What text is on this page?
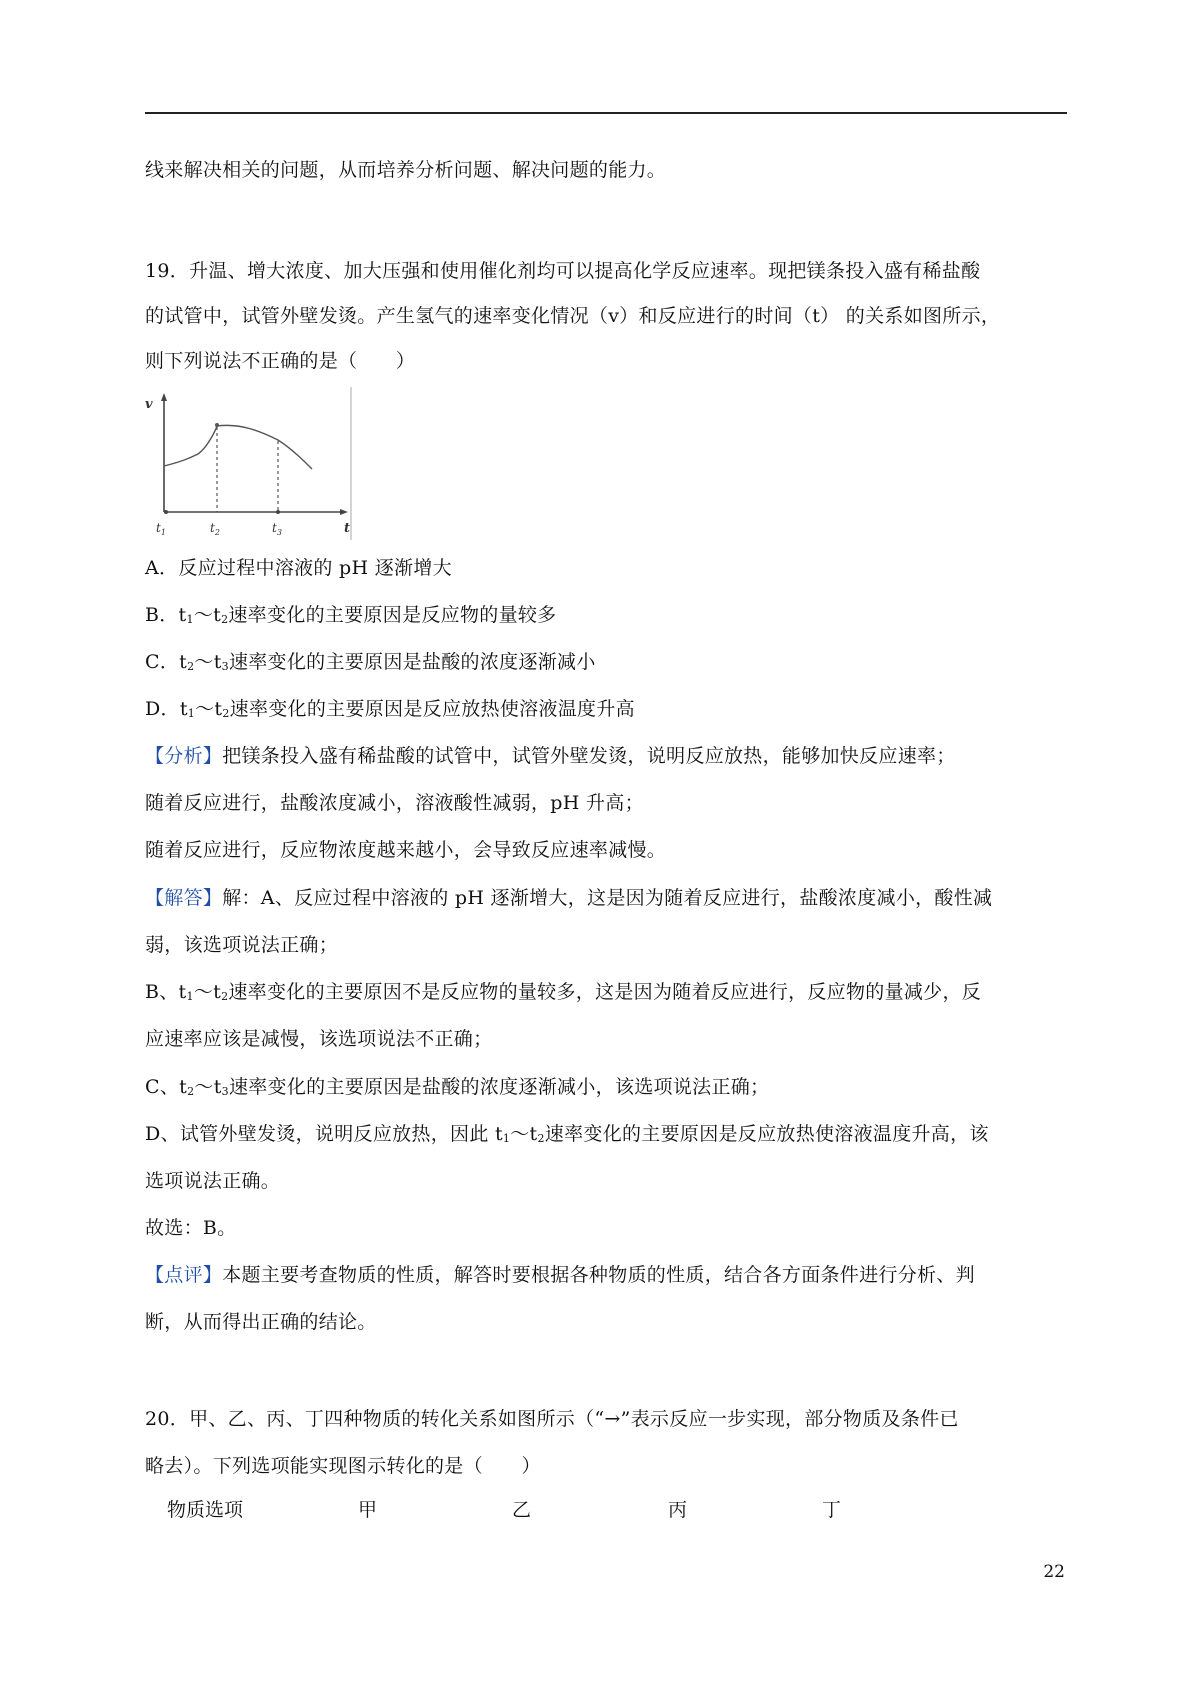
线来解决相关的问题，从而培养分析问题、解决问题的能力。
19．升温、增大浓度、加大压强和使用催化剂均可以提高化学反应速率。现把镁条投入盛有稀盐酸
的试管中，试管外壁发烫。产生氢气的速率变化情况（v）和反应进行的时间（t） 的关系如图所示，
则下列说法不正确的是（　　）
v
t
$t_1$	$t_2$	$t_3$
A．反应过程中溶液的 pH 逐渐增大
B．$t_1\sim t_2$速率变化的主要原因是反应物的量较多
C．$t_2\sim t_3$速率变化的主要原因是盐酸的浓度逐渐减小
D．$t_1\sim t_2$速率变化的主要原因是反应放热使溶液温度升高
【分析】把镁条投入盛有稀盐酸的试管中，试管外壁发烫，说明反应放热，能够加快反应速率；
随着反应进行，盐酸浓度减小，溶液酸性减弱，pH 升高；
随着反应进行，反应物浓度越来越小，会导致反应速率减慢。
【解答】解：A、反应过程中溶液的 pH 逐渐增大，这是因为随着反应进行，盐酸浓度减小，酸性减
弱，该选项说法正确；
B、$t_1\sim t_2$速率变化的主要原因不是反应物的量较多，这是因为随着反应进行，反应物的量减少，反
应速率应该是减慢，该选项说法不正确；
C、$t_2\sim t_3$速率变化的主要原因是盐酸的浓度逐渐减小，该选项说法正确；
D、试管外壁发烫，说明反应放热，因此 $t_1\sim t_2$速率变化的主要原因是反应放热使溶液温度升高，该
选项说法正确。
故选：B。
【点评】本题主要考查物质的性质，解答时要根据各种物质的性质，结合各方面条件进行分析、判
断，从而得出正确的结论。
20．甲、乙、丙、丁四种物质的转化关系如图所示（“→”表示反应一步实现，部分物质及条件已
略去）。下列选项能实现图示转化的是（　　）
物质选项	甲	乙	丙	丁
22
